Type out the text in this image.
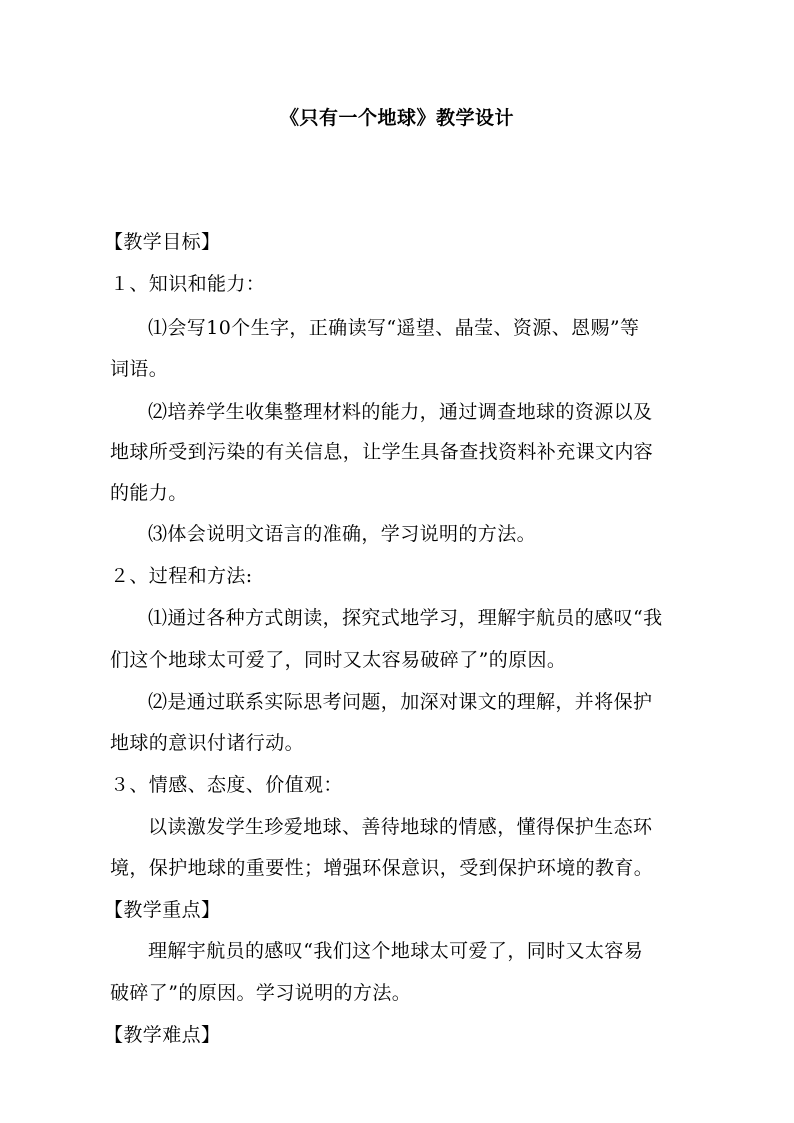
《只有一个地球》教学设计
【教学目标】
１、知识和能力：
⑴会写10个生字，正确读写“遥望、晶莹、资源、恩赐”等
词语。
⑵培养学生收集整理材料的能力，通过调查地球的资源以及
地球所受到污染的有关信息，让学生具备查找资料补充课文内容
的能力。
⑶体会说明文语言的准确，学习说明的方法。
２、过程和方法:
⑴通过各种方式朗读，探究式地学习，理解宇航员的感叹“我
们这个地球太可爱了，同时又太容易破碎了”的原因。
⑵是通过联系实际思考问题，加深对课文的理解，并将保护
地球的意识付诸行动。
３、情感、态度、价值观：
以读激发学生珍爱地球、善待地球的情感，懂得保护生态环
境，保护地球的重要性；增强环保意识，受到保护环境的教育。
【教学重点】
理解宇航员的感叹“我们这个地球太可爱了，同时又太容易
破碎了”的原因。学习说明的方法。
【教学难点】
